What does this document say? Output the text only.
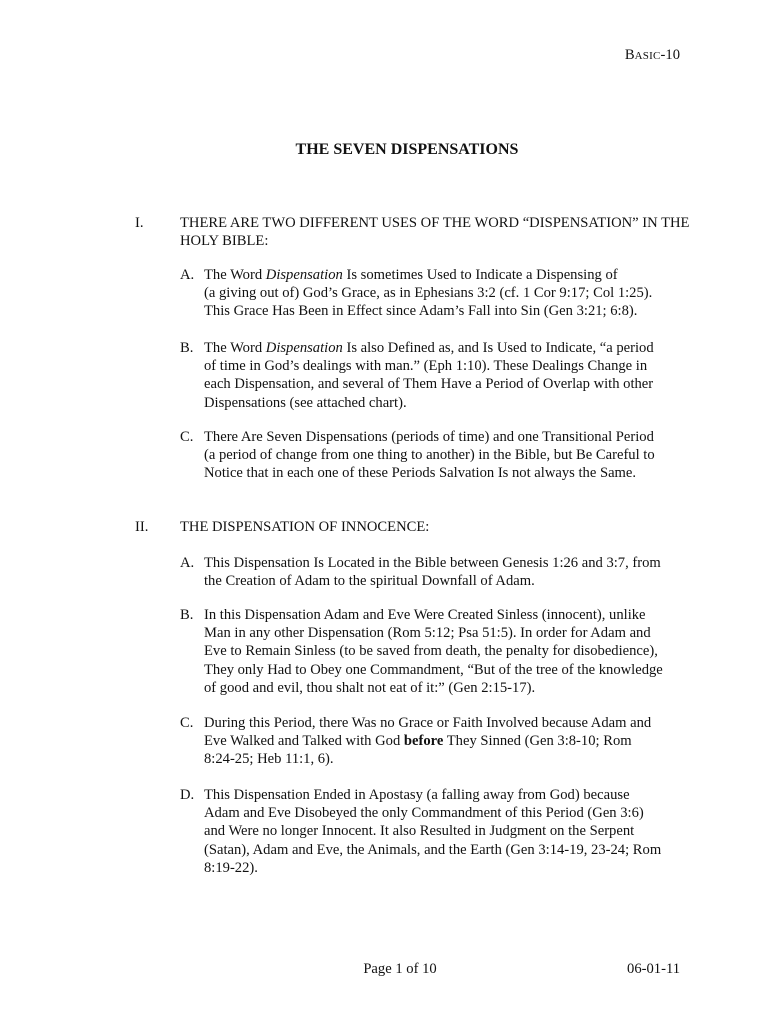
BASIC-10
THE SEVEN DISPENSATIONS
I. THERE ARE TWO DIFFERENT USES OF THE WORD “DISPENSATION” IN THE HOLY BIBLE:
A. The Word Dispensation Is sometimes Used to Indicate a Dispensing of
(a giving out of) God’s Grace, as in Ephesians 3:2 (cf. 1 Cor 9:17; Col 1:25).
This Grace Has Been in Effect since Adam’s Fall into Sin (Gen 3:21; 6:8).
B. The Word Dispensation Is also Defined as, and Is Used to Indicate, “a period
of time in God’s dealings with man.” (Eph 1:10). These Dealings Change in
each Dispensation, and several of Them Have a Period of Overlap with other
Dispensations (see attached chart).
C. There Are Seven Dispensations (periods of time) and one Transitional Period
(a period of change from one thing to another) in the Bible, but Be Careful to
Notice that in each one of these Periods Salvation Is not always the Same.
II. THE DISPENSATION OF INNOCENCE:
A. This Dispensation Is Located in the Bible between Genesis 1:26 and 3:7, from
the Creation of Adam to the spiritual Downfall of Adam.
B. In this Dispensation Adam and Eve Were Created Sinless (innocent), unlike
Man in any other Dispensation (Rom 5:12; Psa 51:5). In order for Adam and
Eve to Remain Sinless (to be saved from death, the penalty for disobedience),
They only Had to Obey one Commandment, “But of the tree of the knowledge
of good and evil, thou shalt not eat of it:” (Gen 2:15-17).
C. During this Period, there Was no Grace or Faith Involved because Adam and
Eve Walked and Talked with God before They Sinned (Gen 3:8-10; Rom
8:24-25; Heb 11:1, 6).
D. This Dispensation Ended in Apostasy (a falling away from God) because
Adam and Eve Disobeyed the only Commandment of this Period (Gen 3:6)
and Were no longer Innocent. It also Resulted in Judgment on the Serpent
(Satan), Adam and Eve, the Animals, and the Earth (Gen 3:14-19, 23-24; Rom
8:19-22).
Page 1 of 10	06-01-11
